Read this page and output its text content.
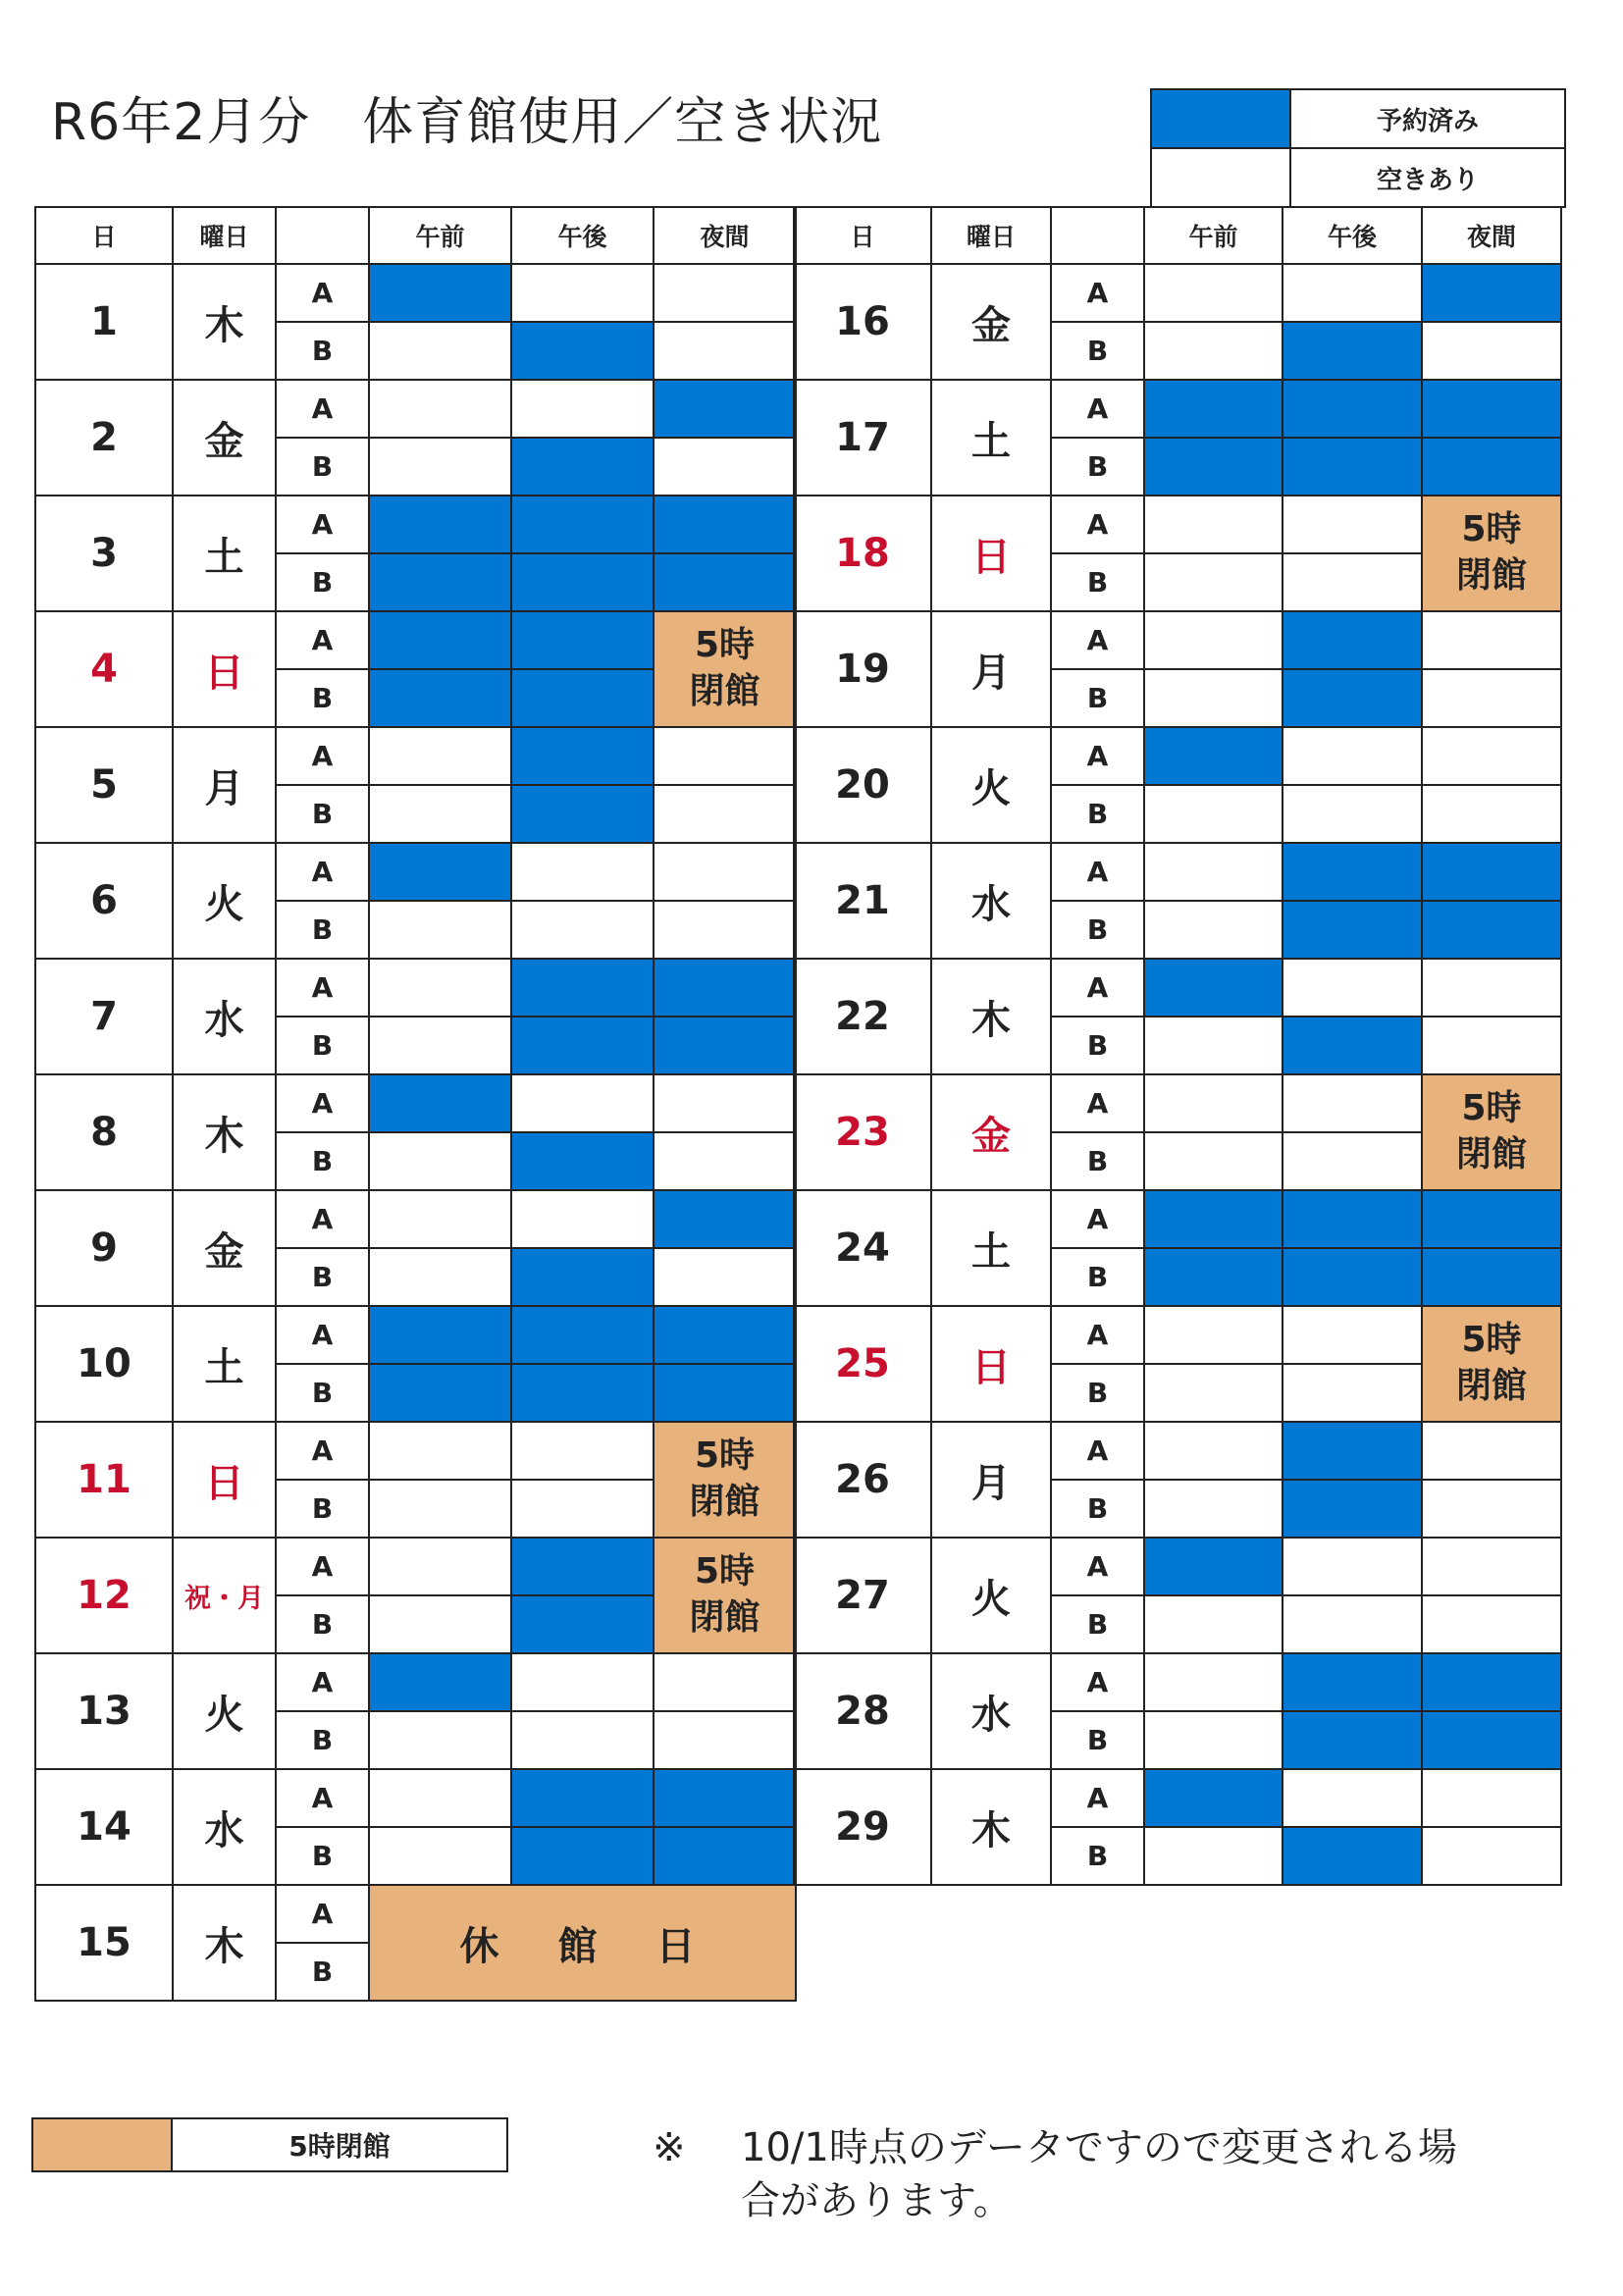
R6年2月分　体育館使用／空き状況
		予約済み
	空きあり
日	曜日		午前	午後	夜間
1	木	A			
		B			
2	金	A			
		B			
3	土	A			
		B			
4	日	A			5時
閉館
		B			
5	月	A			
		B			
6	火	A			
		B			
7	水	A			
		B			
8	木	A			
		B			
9	金	A			
		B			
10	土	A			
		B			
11	日	A			5時
閉館
		B			
12	祝・月	A			5時
閉館
		B			
13	火	A			
		B			
14	水	A			
		B			
15	木	A	休　館　日		
		B			
日	曜日		午前	午後	夜間
16	金	A			
		B			
17	土	A			
		B			
18	日	A			5時
閉館
		B			
19	月	A			
		B			
20	火	A			
		B			
21	水	A			
		B			
22	木	A			
		B			
23	金	A			5時
閉館
		B			
24	土	A			
		B			
25	日	A			5時
閉館
		B			
26	月	A			
		B			
27	火	A			
		B			
28	水	A			
		B			
29	木	A			
		B			
	5時閉館	※	10/1時点のデータですので変更される場合があります。
